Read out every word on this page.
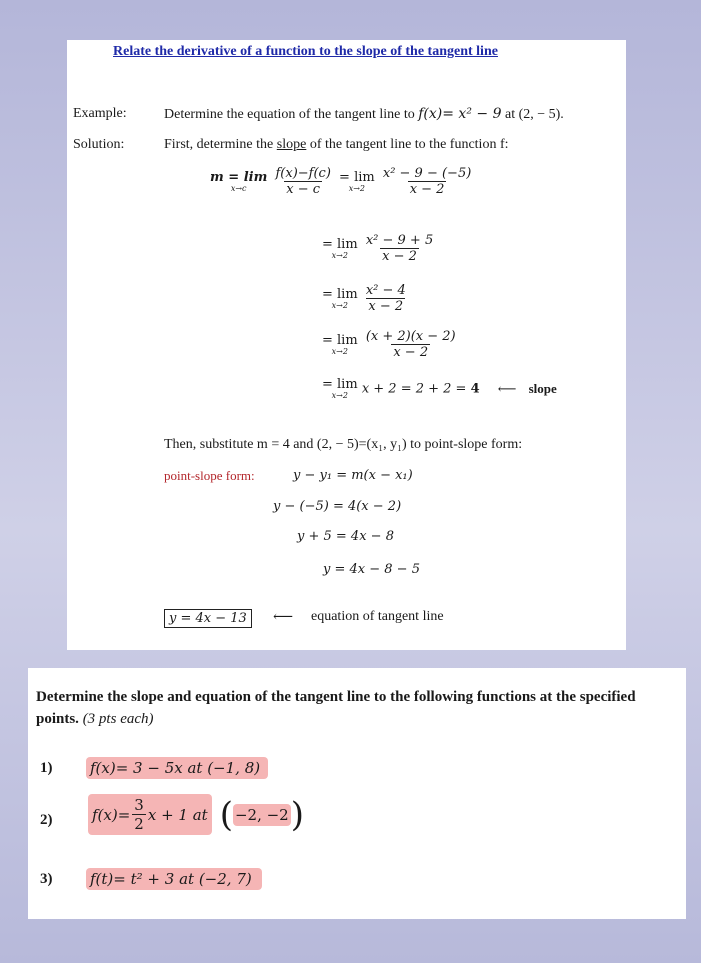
Relate the derivative of a function to the slope of the tangent line
Example:	Determine the equation of the tangent line to f(x)= x² − 9 at (2, − 5).
Solution:	First, determine the slope of the tangent line to the function f:
m = lim
x→c
$\frac{f(x)-f(c)}{x - c}$
= lim
x→2
$\frac{\text{x² − 9 − (−5)}}{x - 2}$
= lim
x→2
$\frac{\text{x² − 9 + 5}}{x - 2}$
= lim
x→2
$\frac{\text{x² − 4}}{x - 2}$
= lim
x→2
$\frac{(x + 2)(x - 2)}{x - 2}$
= lim
x→2 x + 2 = 2 + 2 = 4 ⟵ slope
Then, substitute m = 4 and (2, − 5)=(x₁, y₁) to point-slope form:
point-slope form:	y − y₁ = m(x − x₁)
y − (−5) = 4(x − 2)
y + 5 = 4x − 8
y = 4x − 8 − 5
y = 4x − 13	⟵ equation of tangent line
Determine the slope and equation of the tangent line to the following functions at the specified points. (3 pts each)
1)	f(x)= 3 − 5x at (−1, 8)
2)	$f(x)= \frac{3}{2}$ x + 1 at ( −2, −2 )
3)	f(t)= t² + 3 at (−2, 7)
